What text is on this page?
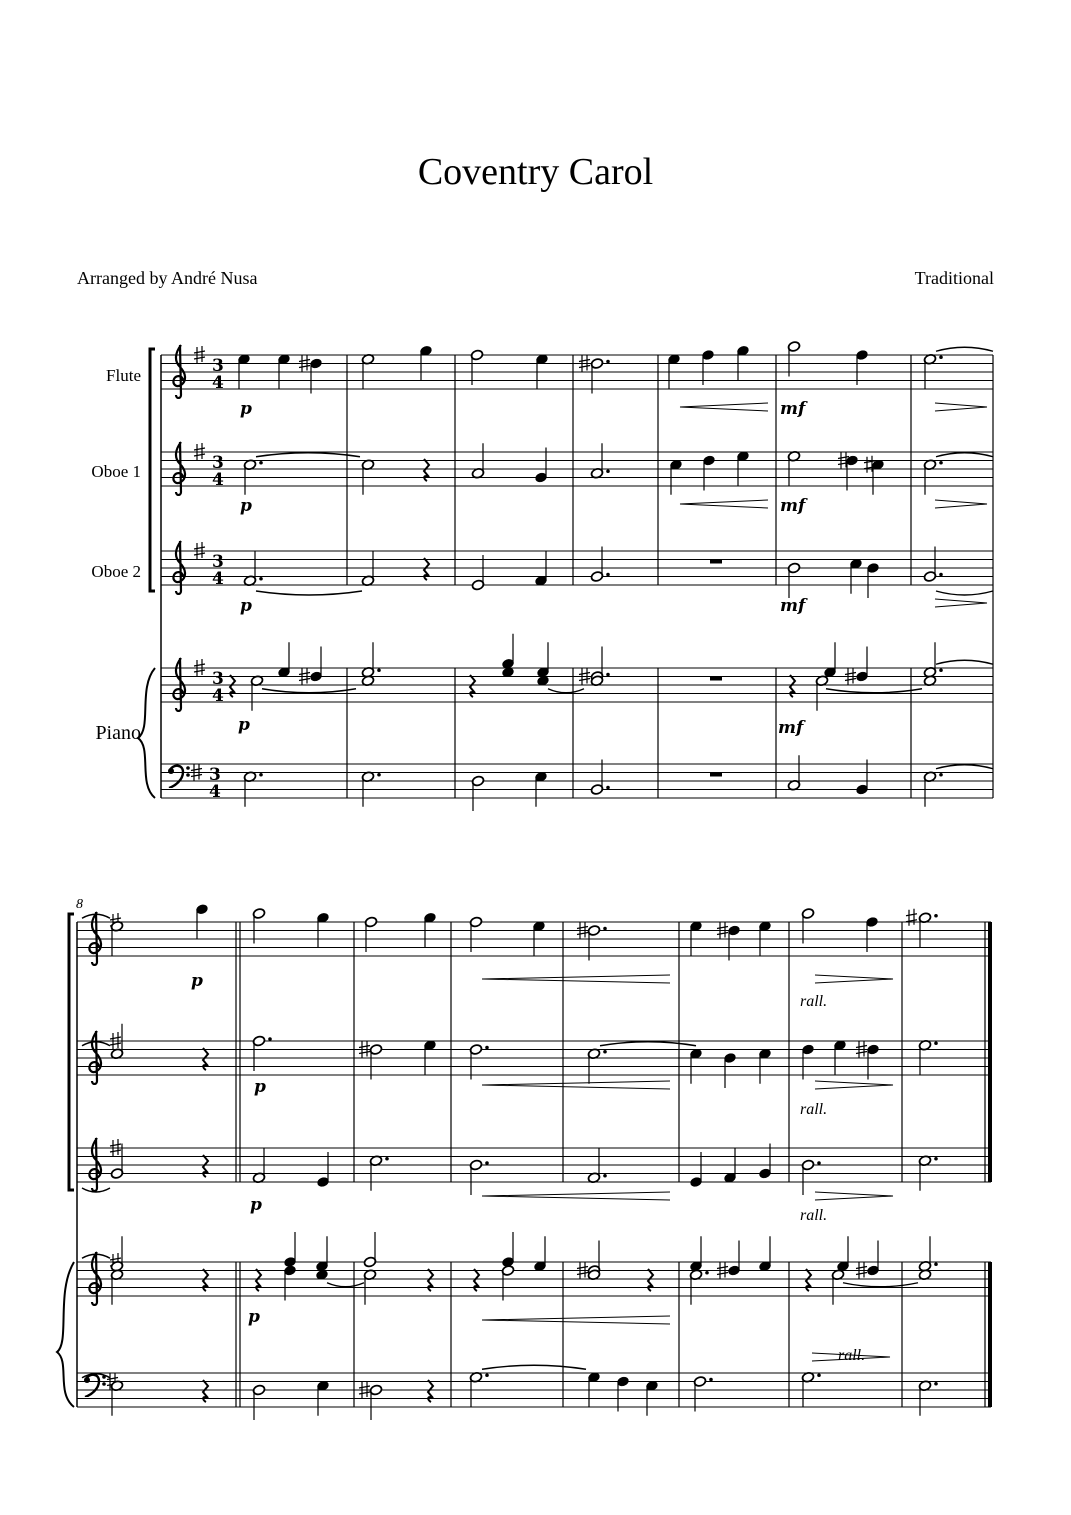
Coventry Carol
Arranged by André Nusa	Traditional
Flute
Oboe 1
Oboe 2
Piano
3
4
3
4
3
4
3
4
3
4
p	mf
p	mf
p	mf
p	mf
8
p
p
p
p
rall.
rall.
rall.
rall.
